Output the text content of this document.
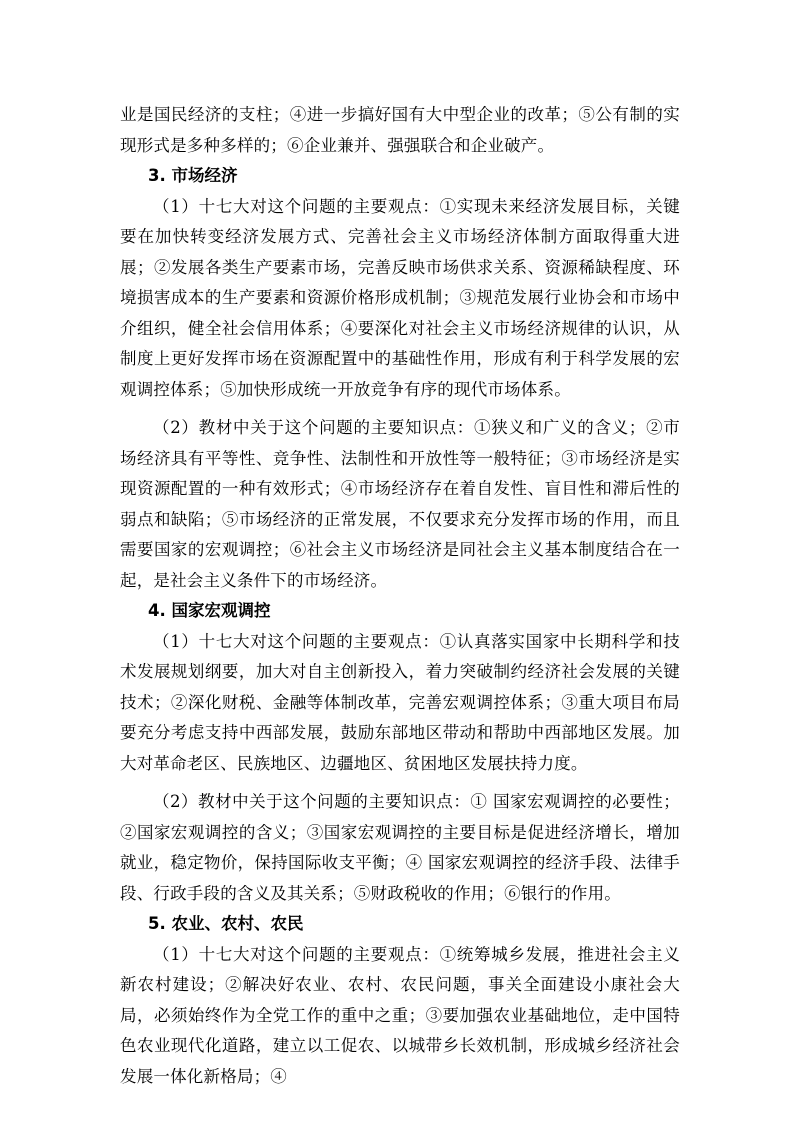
业是国民经济的支柱；④进一步搞好国有大中型企业的改革；⑤公有制的实现形式是多种多样的；⑥企业兼并、强强联合和企业破产。

3. 市场经济

（1）十七大对这个问题的主要观点：①实现未来经济发展目标，关键要在加快转变经济发展方式、完善社会主义市场经济体制方面取得重大进展；②发展各类生产要素市场，完善反映市场供求关系、资源稀缺程度、环境损害成本的生产要素和资源价格形成机制；③规范发展行业协会和市场中介组织，健全社会信用体系；④要深化对社会主义市场经济规律的认识，从制度上更好发挥市场在资源配置中的基础性作用，形成有利于科学发展的宏观调控体系；⑤加快形成统一开放竞争有序的现代市场体系。

（2）教材中关于这个问题的主要知识点：①狭义和广义的含义；②市场经济具有平等性、竞争性、法制性和开放性等一般特征；③市场经济是实现资源配置的一种有效形式；④市场经济存在着自发性、盲目性和滞后性的弱点和缺陷；⑤市场经济的正常发展，不仅要求充分发挥市场的作用，而且需要国家的宏观调控；⑥社会主义市场经济是同社会主义基本制度结合在一起，是社会主义条件下的市场经济。

4. 国家宏观调控

（1）十七大对这个问题的主要观点：①认真落实国家中长期科学和技术发展规划纲要，加大对自主创新投入，着力突破制约经济社会发展的关键技术；②深化财税、金融等体制改革，完善宏观调控体系；③重大项目布局要充分考虑支持中西部发展，鼓励东部地区带动和帮助中西部地区发展。加大对革命老区、民族地区、边疆地区、贫困地区发展扶持力度。

（2）教材中关于这个问题的主要知识点：① 国家宏观调控的必要性；②国家宏观调控的含义；③国家宏观调控的主要目标是促进经济增长，增加就业，稳定物价，保持国际收支平衡；④ 国家宏观调控的经济手段、法律手段、行政手段的含义及其关系；⑤财政税收的作用；⑥银行的作用。

5. 农业、农村、农民

（1）十七大对这个问题的主要观点：①统筹城乡发展，推进社会主义新农村建设；②解决好农业、农村、农民问题，事关全面建设小康社会大局，必须始终作为全党工作的重中之重；③要加强农业基础地位，走中国特色农业现代化道路，建立以工促农、以城带乡长效机制，形成城乡经济社会发展一体化新格局；④
